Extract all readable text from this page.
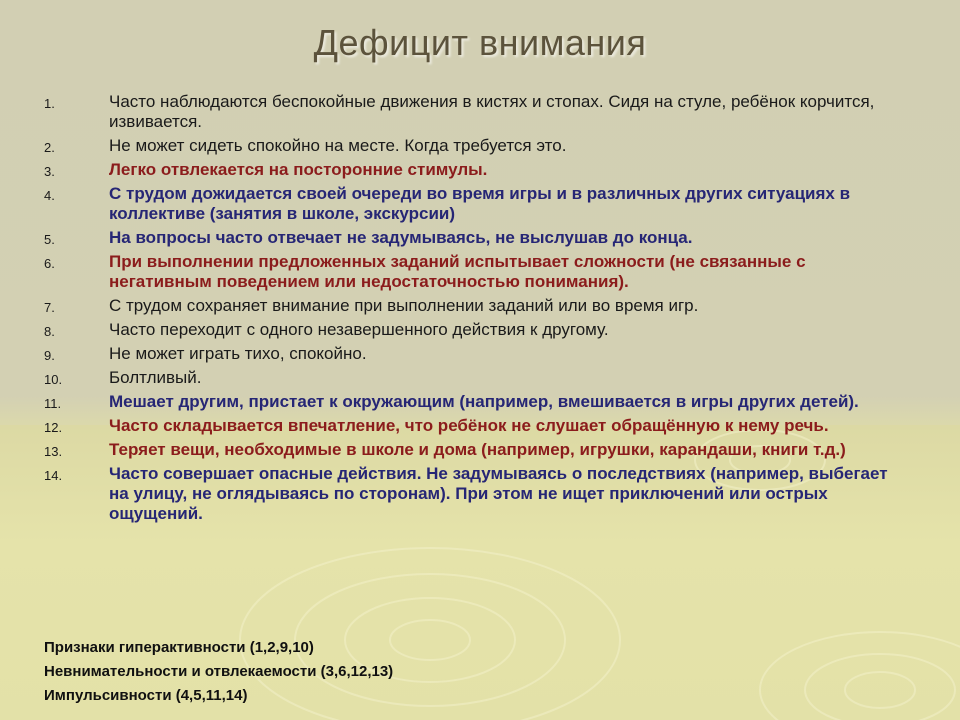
Дефицит внимания
1.	Часто наблюдаются беспокойные движения в кистях и стопах. Сидя на стуле, ребёнок корчится, извивается.
2.	Не может сидеть спокойно на месте. Когда требуется это.
3.	Легко отвлекается на посторонние стимулы.
4.	С трудом дожидается своей очереди во время игры и в различных других ситуациях в коллективе (занятия в школе, экскурсии)
5.	На вопросы часто отвечает не задумываясь, не выслушав до конца.
6.	При выполнении предложенных заданий испытывает сложности (не связанные с негативным поведением или недостаточностью понимания).
7.	С трудом сохраняет внимание при выполнении заданий или во время игр.
8.	Часто переходит с одного незавершенного действия к другому.
9.	Не может играть тихо, спокойно.
10.	Болтливый.
11.	Мешает другим, пристает к окружающим (например, вмешивается в игры других детей).
12.	Часто складывается впечатление, что ребёнок не слушает обращённую к нему речь.
13.	Теряет вещи, необходимые в школе и дома (например, игрушки, карандаши, книги т.д.)
14.	Часто совершает опасные действия. Не задумываясь о последствиях (например, выбегает на улицу, не оглядываясь по сторонам). При этом не ищет приключений или острых ощущений.
Признаки гиперактивности (1,2,9,10)
Невнимательности и отвлекаемости (3,6,12,13)
Импульсивности (4,5,11,14)
